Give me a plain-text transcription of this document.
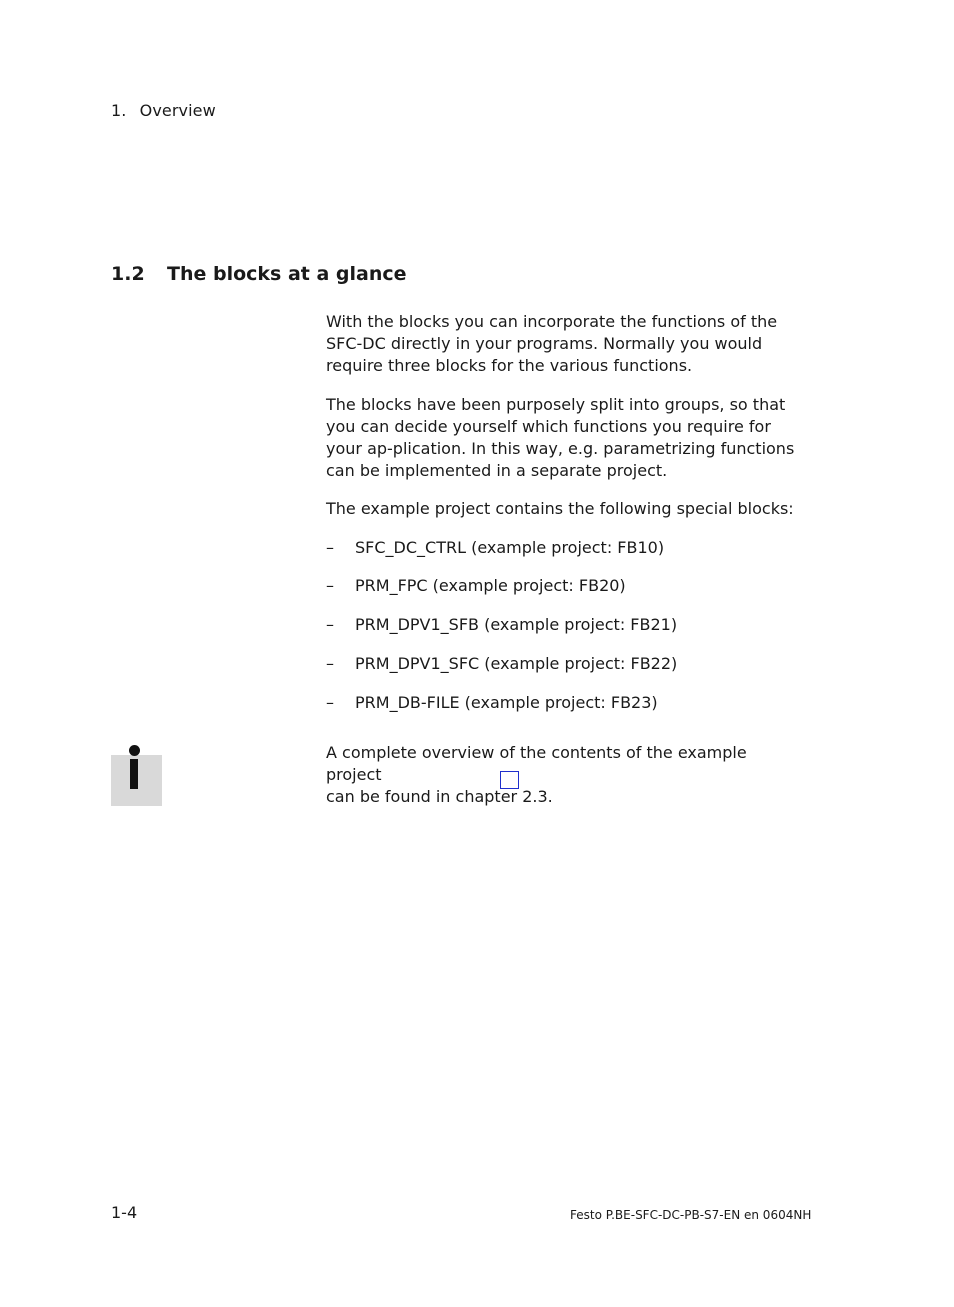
1. Overview
1.2 The blocks at a glance

With the blocks you can incorporate the functions of the SFC-DC directly in your programs. Normally you would require three blocks for the various functions.

The blocks have been purposely split into groups, so that you can decide yourself which functions you require for your ap-plication. In this way, e.g. parametrizing functions can be implemented in a separate project.

The example project contains the following special blocks:

– SFC_DC_CTRL (example project: FB10)
– PRM_FPC (example project: FB20)
– PRM_DPV1_SFB (example project: FB21)
– PRM_DPV1_SFC (example project: FB22)
– PRM_DB-FILE (example project: FB23)
A complete overview of the contents of the example project
can be found in chapter 2.3.
1-4	Festo P.BE-SFC-DC-PB-S7-EN en 0604NH
